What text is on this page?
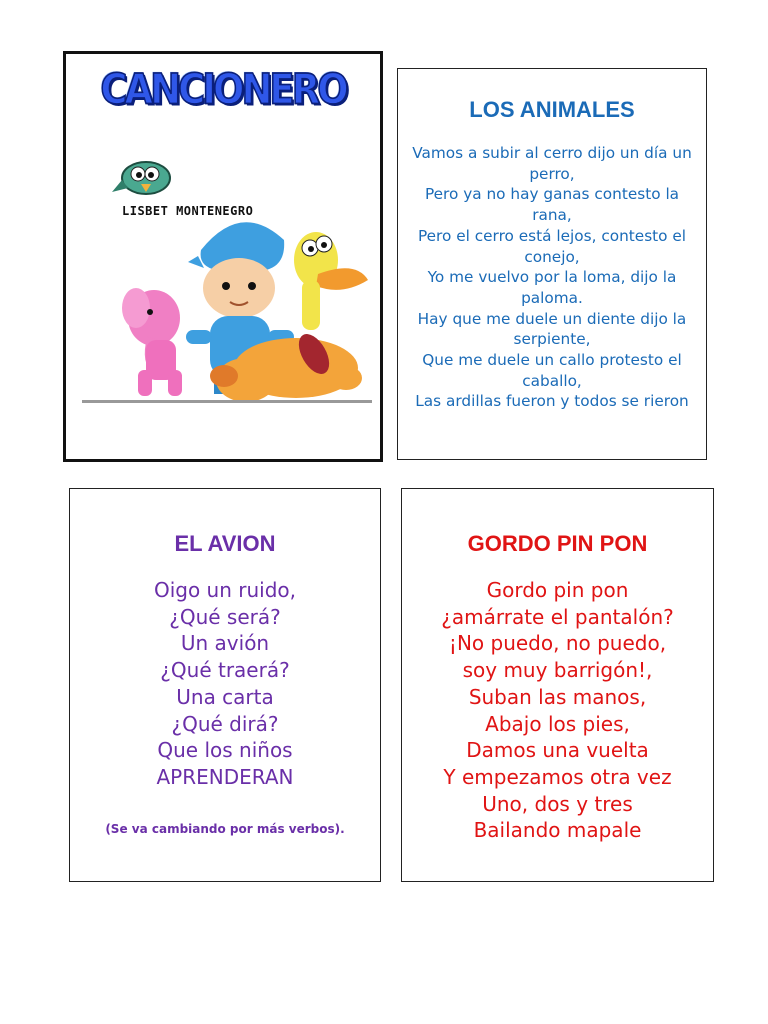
CANCIONERO
LISBET MONTENEGRO
LOS ANIMALES
Vamos a subir al cerro dijo un día un perro,
Pero ya no hay ganas contesto la rana,
Pero el cerro está lejos, contesto el conejo,
Yo me vuelvo por la loma, dijo la paloma.
Hay que me duele un diente dijo la serpiente,
Que me duele un callo protesto el caballo,
Las ardillas fueron y todos se rieron
EL AVION
Oigo un ruido,
¿Qué será?
Un avión
¿Qué traerá?
Una carta
¿Qué dirá?
Que los niños
APRENDERAN
(Se va cambiando por más verbos).
GORDO PIN PON
Gordo pin pon
¿amárrate el pantalón?
¡No puedo, no puedo,
soy muy barrigón!,
Suban las manos,
Abajo los pies,
Damos una vuelta
Y empezamos otra vez
Uno, dos y tres
Bailando mapale
